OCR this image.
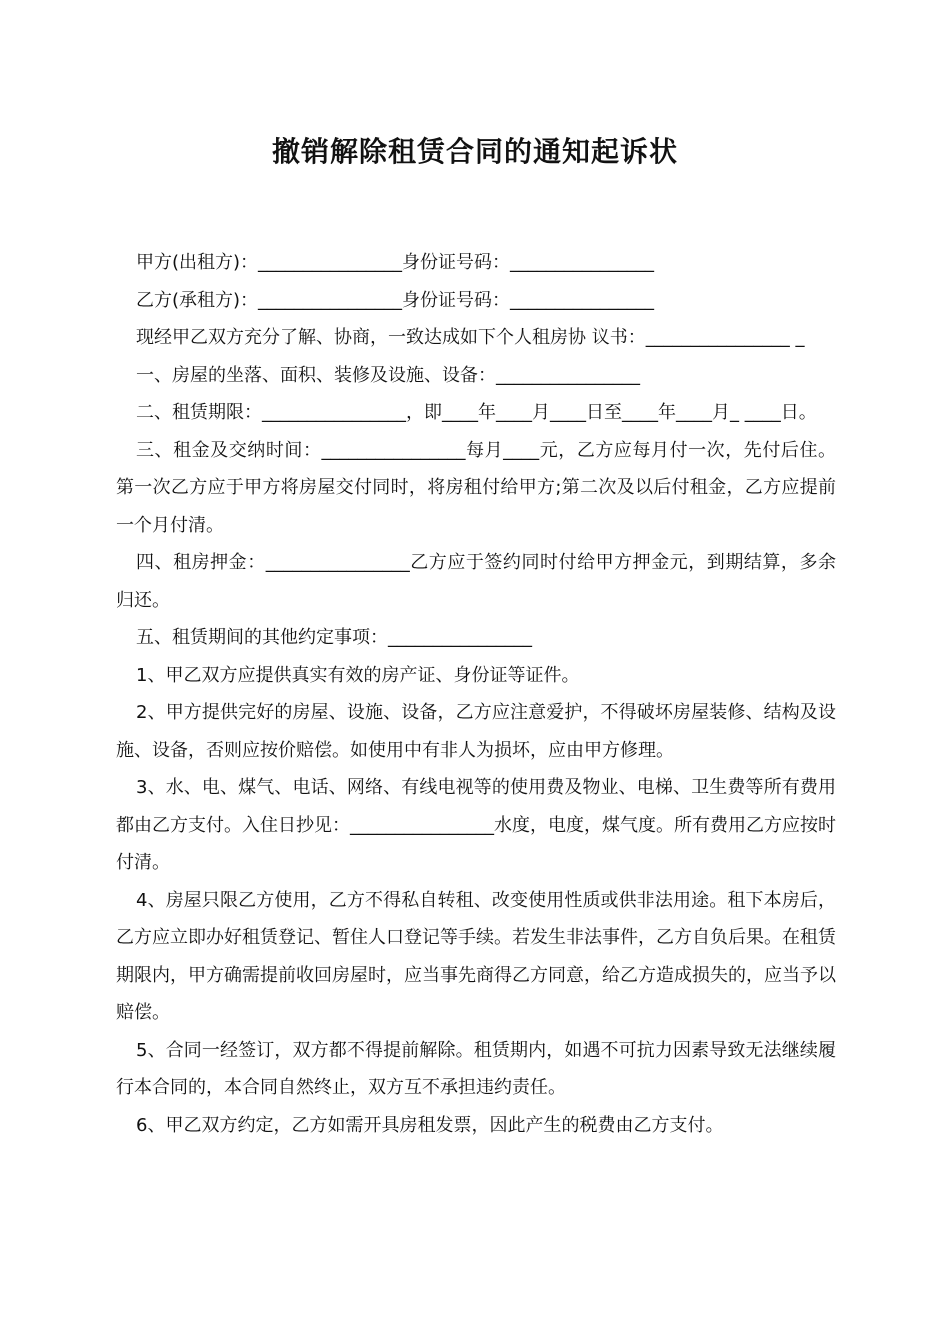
撤销解除租赁合同的通知起诉状

甲方(出租方)：________________身份证号码：________________

乙方(承租方)：________________身份证号码：________________

现经甲乙双方充分了解、协商，一致达成如下个人租房协 议书：________________ _

一、房屋的坐落、面积、装修及设施、设备：________________

二、租赁期限：________________，即____年____月____日至____年____月_ ____日。

三、租金及交纳时间：________________每月____元，乙方应每月付一次，先付后住。第一次乙方应于甲方将房屋交付同时，将房租付给甲方;第二次及以后付租金，乙方应提前一个月付清。

四、租房押金：________________乙方应于签约同时付给甲方押金元，到期结算，多余归还。

五、租赁期间的其他约定事项：________________

1、甲乙双方应提供真实有效的房产证、身份证等证件。

2、甲方提供完好的房屋、设施、设备，乙方应注意爱护，不得破坏房屋装修、结构及设施、设备，否则应按价赔偿。如使用中有非人为损坏，应由甲方修理。

3、水、电、煤气、电话、网络、有线电视等的使用费及物业、电梯、卫生费等所有费用都由乙方支付。入住日抄见：________________水度，电度，煤气度。所有费用乙方应按时付清。

4、房屋只限乙方使用，乙方不得私自转租、改变使用性质或供非法用途。租下本房后，乙方应立即办好租赁登记、暂住人口登记等手续。若发生非法事件，乙方自负后果。在租赁期限内，甲方确需提前收回房屋时，应当事先商得乙方同意，给乙方造成损失的，应当予以赔偿。

5、合同一经签订，双方都不得提前解除。租赁期内，如遇不可抗力因素导致无法继续履行本合同的，本合同自然终止，双方互不承担违约责任。

6、甲乙双方约定，乙方如需开具房租发票，因此产生的税费由乙方支付。
